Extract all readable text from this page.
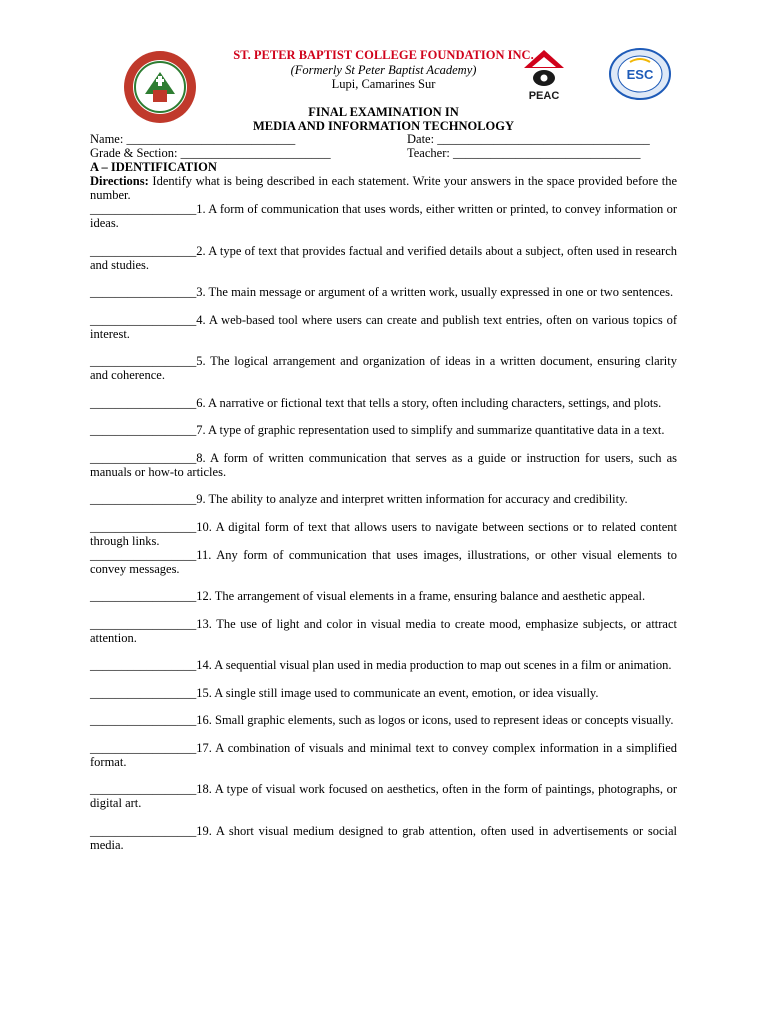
ST. PETER BAPTIST COLLEGE FOUNDATION INC.
(Formerly St Peter Baptist Academy)
Lupi, Camarines Sur
PEAC
ESC
FINAL EXAMINATION IN
MEDIA AND INFORMATION TECHNOLOGY
Name: ___________________________	Date: __________________________________
Grade & Section: ________________________	Teacher: ______________________________
A – IDENTIFICATION
Directions: Identify what is being described in each statement. Write your answers in the space provided before the number.
_________________1. A form of communication that uses words, either written or printed, to convey information or ideas.
_________________2. A type of text that provides factual and verified details about a subject, often used in research and studies.
_________________3. The main message or argument of a written work, usually expressed in one or two sentences.
_________________4. A web-based tool where users can create and publish text entries, often on various topics of interest.
_________________5. The logical arrangement and organization of ideas in a written document, ensuring clarity and coherence.
_________________6. A narrative or fictional text that tells a story, often including characters, settings, and plots.
_________________7. A type of graphic representation used to simplify and summarize quantitative data in a text.
_________________8. A form of written communication that serves as a guide or instruction for users, such as manuals or how-to articles.
_________________9. The ability to analyze and interpret written information for accuracy and credibility.
_________________10. A digital form of text that allows users to navigate between sections or to related content through links.
_________________11. Any form of communication that uses images, illustrations, or other visual elements to convey messages.
_________________12. The arrangement of visual elements in a frame, ensuring balance and aesthetic appeal.
_________________13. The use of light and color in visual media to create mood, emphasize subjects, or attract attention.
_________________14. A sequential visual plan used in media production to map out scenes in a film or animation.
_________________15. A single still image used to communicate an event, emotion, or idea visually.
_________________16. Small graphic elements, such as logos or icons, used to represent ideas or concepts visually.
_________________17. A combination of visuals and minimal text to convey complex information in a simplified format.
_________________18. A type of visual work focused on aesthetics, often in the form of paintings, photographs, or digital art.
_________________19. A short visual medium designed to grab attention, often used in advertisements or social media.
